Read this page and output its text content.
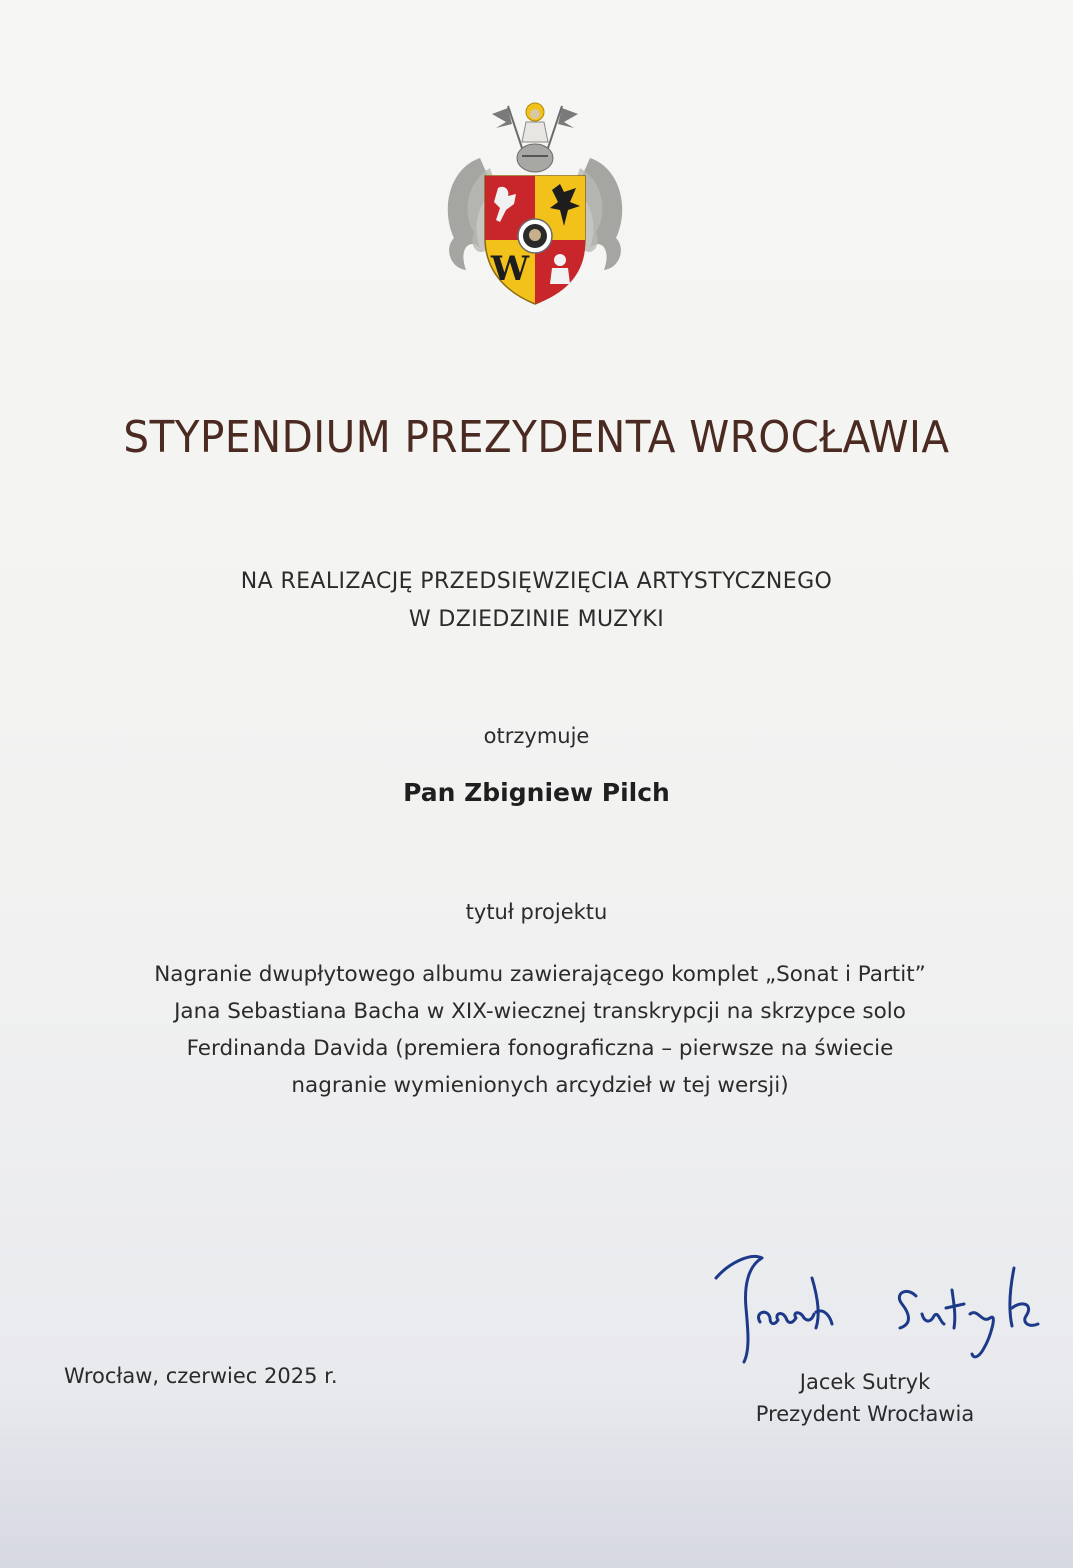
W
STYPENDIUM PREZYDENTA WROCŁAWIA
NA REALIZACJĘ PRZEDSIĘWZIĘCIA ARTYSTYCZNEGO
W DZIEDZINIE MUZYKI
otrzymuje
Pan Zbigniew Pilch
tytuł projektu
Nagranie dwupłytowego albumu zawierającego komplet „Sonat i Partit”
Jana Sebastiana Bacha w XIX-wiecznej transkrypcji na skrzypce solo
Ferdinanda Davida (premiera fonograficzna – pierwsze na świecie
nagranie wymienionych arcydzieł w tej wersji)
Wrocław, czerwiec 2025 r.	Jacek Sutryk
Prezydent Wrocławia
